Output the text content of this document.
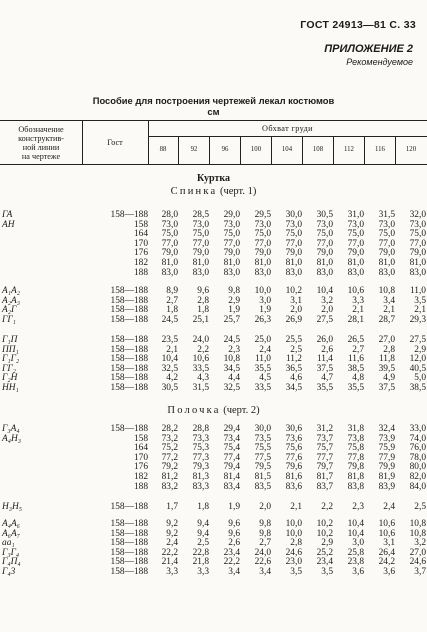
ГОСТ 24913—81 С. 33
ПРИЛОЖЕНИЕ 2
Рекомендуемое
Пособие для построения чертежей лекал костюмов
см
Обозначение
конструктив-
ной линии
на чертеже
Гост
Обхват груди
88	92	96	100	104	108	112	116	120
Куртка
Спинка (черт. 1)
ГА	158—188	28,0	28,5	29,0	29,5	30,0	30,5	31,0	31,5	32,0
АН	158	73,0	73,0	73,0	73,0	73,0	73,0	73,0	73,0	73,0
164	75,0	75,0	75,0	75,0	75,0	75,0	75,0	75,0	75,0
170	77,0	77,0	77,0	77,0	77,0	77,0	77,0	77,0	77,0
176	79,0	79,0	79,0	79,0	79,0	79,0	79,0	79,0	79,0
182	81,0	81,0	81,0	81,0	81,0	81,0	81,0	81,0	81,0
188	83,0	83,0	83,0	83,0	83,0	83,0	83,0	83,0	83,0
А₁А₂	158—188	8,9	9,6	9,8	10,0	10,2	10,4	10,6	10,8	11,0
А₂А₃	158—188	2,7	2,8	2,9	3,0	3,1	3,2	3,3	3,4	3,5
А₂Г	158—188	1,8	1,8	1,9	1,9	2,0	2,0	2,1	2,1	2,1
ГГ₁	158—188	24,5	25,1	25,7	26,3	26,9	27,5	28,1	28,7	29,3
Г₁П	158—188	23,5	24,0	24,5	25,0	25,5	26,0	26,5	27,0	27,5
ПП₁	158—188	2,1	2,2	2,3	2,4	2,5	2,6	2,7	2,8	2,9
Г₁Г₂	158—188	10,4	10,6	10,8	11,0	11,2	11,4	11,6	11,8	12,0
ГГ₂	158—188	32,5	33,5	34,5	35,5	36,5	37,5	38,5	39,5	40,5
Г₂Н	158—188	4,2	4,3	4,4	4,5	4,6	4,7	4,8	4,9	5,0
НН₁	158—188	30,5	31,5	32,5	33,5	34,5	35,5	35,5	37,5	38,5
Полочка (черт. 2)
Г₃А₄	158—188	28,2	28,8	29,4	30,0	30,6	31,2	31,8	32,4	33,0
А₄Н₃	158	73,2	73,3	73,4	73,5	73,6	73,7	73,8	73,9	74,0
164	75,2	75,3	75,4	75,5	75,6	75,7	75,8	75,9	76,0
170	77,2	77,3	77,4	77,5	77,6	77,7	77,8	77,9	78,0
176	79,2	79,3	79,4	79,5	79,6	79,7	79,8	79,9	80,0
182	81,2	81,3	81,4	81,5	81,6	81,7	81,8	81,9	82,0
188	83,2	83,3	83,4	83,5	83,6	83,7	83,8	83,9	84,0
Н₃Н₅	158—188	1,7	1,8	1,9	2,0	2,1	2,2	2,3	2,4	2,5
А₄А₆	158—188	9,2	9,4	9,6	9,8	10,0	10,2	10,4	10,6	10,8
А₆А₇	158—188	9,2	9,4	9,6	9,8	10,0	10,2	10,4	10,6	10,8
аа₁	158—188	2,4	2,5	2,6	2,7	2,8	2,9	3,0	3,1	3,2
Г₃Г₄	158—188	22,2	22,8	23,4	24,0	24,6	25,2	25,8	26,4	27,0
Г₄П₄	158—188	21,4	21,8	22,2	22,6	23,0	23,4	23,8	24,2	24,6
Г₄3	158—188	3,3	3,3	3,4	3,4	3,5	3,5	3,6	3,6	3,7
